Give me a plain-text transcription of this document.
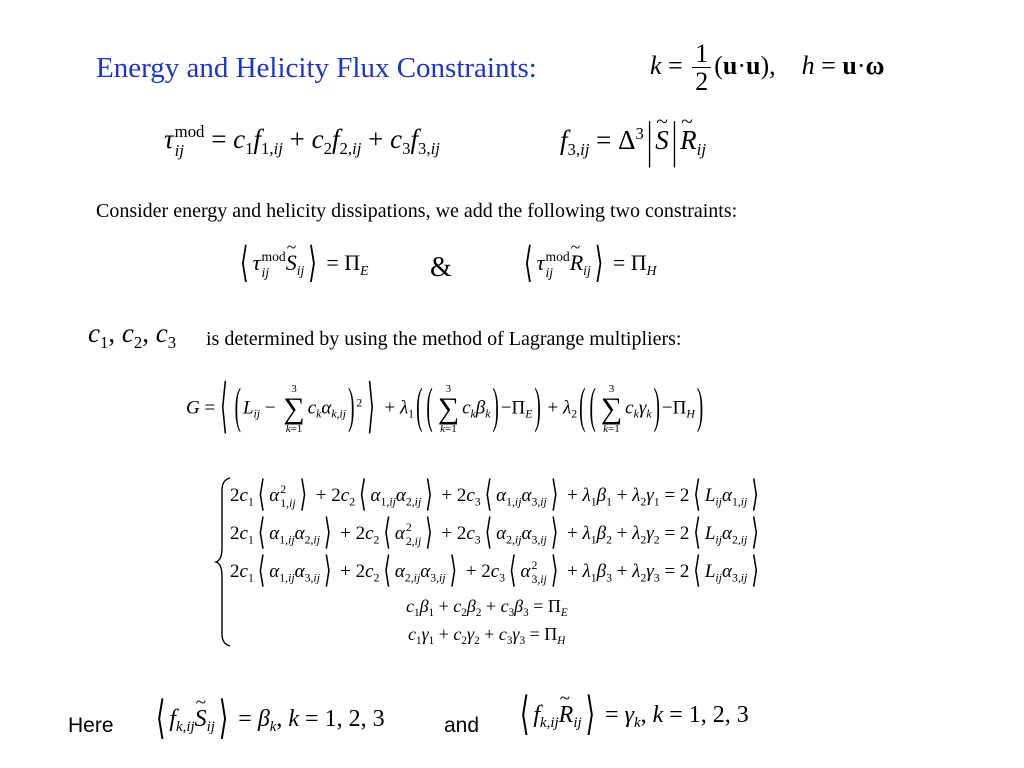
Energy and Helicity Flux Constraints:	$k = \frac{1}{2} (u\cdot u)$,    h = u·ω
τ mod
ij = $c_1f_{1,ij} + c_2f_{2,ij} + c_3f_{3,ij}$	$f_{3,ij} = \Delta^3$ | ~ S | ~ $R_{ij}$
Consider energy and helicity dissipations, we add the following two constraints:
⟨ τ mod
ij ~ $S_{ij}$ ⟩ = $\Pi_E$ &	⟨ τ mod
ij ~ $R_{ij}$ ⟩ = $\Pi_H$
$c_1$, $c_2$, $c_3$ is determined by using the method of Lagrange multipliers:
G = ⟨ ( $L_{ij}$ −
3
∑
k=1
$c_k\alpha_{k,ij}$ ) $^2$ ⟩ + $\lambda_1$ ( (	3
∑
k=1
$c_k\beta_k$ ) $-\Pi_E$ ) + $\lambda_2$ ( (	3
∑
k=1
$c_k\gamma_k$ ) $-\Pi_H$ )
$2c_1$ ⟨ α 2
1,ij ⟩ + $2c_2$ ⟨ $\alpha_{1,ij}\alpha_{2,ij}$ ⟩ + $2c_3$ ⟨ $\alpha_{1,ij}\alpha_{3,ij}$ ⟩ + $\lambda_1\beta_1 + \lambda_2\gamma_1 = 2$ ⟨ $L_{ij}\alpha_{1,ij}$ ⟩
$2c_1$ ⟨ $\alpha_{1,ij}\alpha_{2,ij}$ ⟩ + $2c_2$ ⟨ α 2
2,ij ⟩ + $2c_3$ ⟨ $\alpha_{2,ij}\alpha_{3,ij}$ ⟩ + $\lambda_1\beta_2 + \lambda_2\gamma_2 = 2$ ⟨ $L_{ij}\alpha_{2,ij}$ ⟩
$2c_1$ ⟨ $\alpha_{1,ij}\alpha_{3,ij}$ ⟩ + $2c_2$ ⟨ $\alpha_{2,ij}\alpha_{3,ij}$ ⟩ + $2c_3$ ⟨ α 2
3,ij ⟩ + $\lambda_1\beta_3 + \lambda_2\gamma_3 = 2$ ⟨ $L_{ij}\alpha_{3,ij}$ ⟩
$c_1\beta_1 + c_2\beta_2 + c_3\beta_3 = \Pi_E$
$c_1\gamma_1 + c_2\gamma_2 + c_3\gamma_3 = \Pi_H$
Here ⟨ $f_{k,ij}\sim$ $S_{ij}$ ⟩ = $\beta_k$, k = 1, 2, 3	and ⟨ $f_{k,ij}\sim$ $R_{ij}$ ⟩ = $\gamma_k$, k = 1, 2, 3
